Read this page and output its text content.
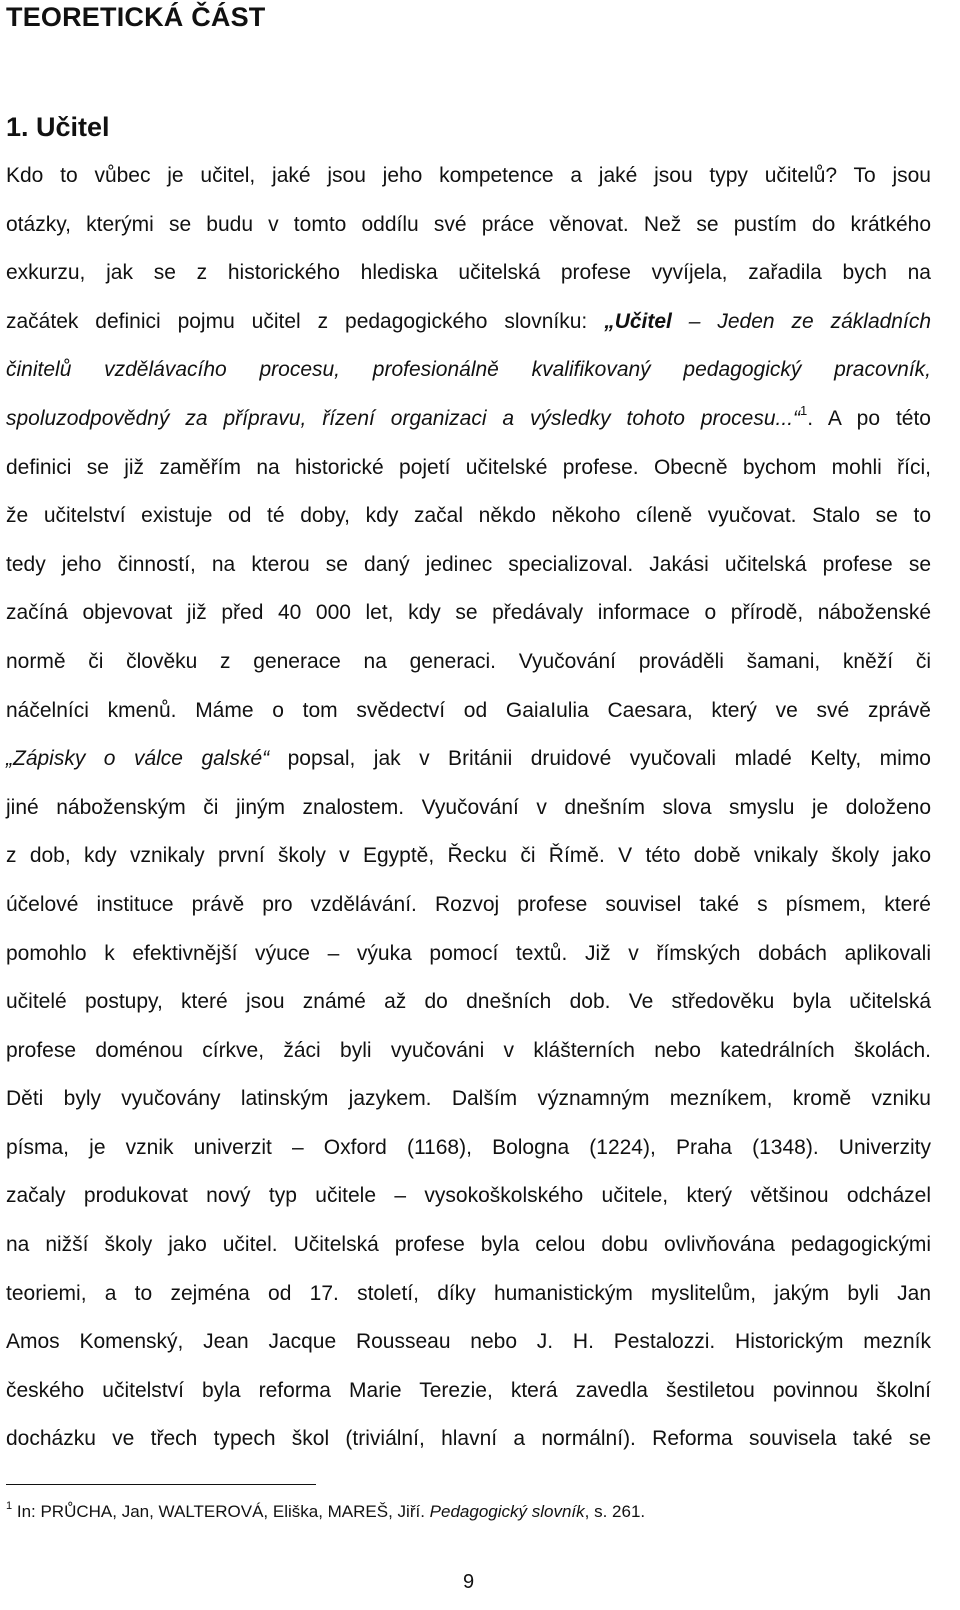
TEORETICKÁ ČÁST
1. Učitel
Kdo to vůbec je učitel, jaké jsou jeho kompetence a jaké jsou typy učitelů? To jsou
otázky, kterými se budu v tomto oddílu své práce věnovat. Než se pustím do krátkého
exkurzu, jak se z historického hlediska učitelská profese vyvíjela, zařadila bych na
začátek definici pojmu učitel z pedagogického slovníku: „Učitel – Jeden ze základních
činitelů vzdělávacího procesu, profesionálně kvalifikovaný pedagogický pracovník,
spoluzodpovědný za přípravu, řízení organizaci a výsledky tohoto procesu...“$^1$. A po této
definici se již zaměřím na historické pojetí učitelské profese. Obecně bychom mohli říci,
že učitelství existuje od té doby, kdy začal někdo někoho cíleně vyučovat. Stalo se to
tedy jeho činností, na kterou se daný jedinec specializoval. Jakási učitelská profese se
začíná objevovat již před 40 000 let, kdy se předávaly informace o přírodě, náboženské
normě či člověku z generace na generaci. Vyučování prováděli šamani, kněží či
náčelníci kmenů. Máme o tom svědectví od GaiaIulia Caesara, který ve své zprávě
„Zápisky o válce galské“ popsal, jak v Británii druidové vyučovali mladé Kelty, mimo
jiné náboženským či jiným znalostem. Vyučování v dnešním slova smyslu je doloženo
z dob, kdy vznikaly první školy v Egyptě, Řecku či Římě. V této době vnikaly školy jako
účelové instituce právě pro vzdělávání. Rozvoj profese souvisel také s písmem, které
pomohlo k efektivnější výuce – výuka pomocí textů. Již v římských dobách aplikovali
učitelé postupy, které jsou známé až do dnešních dob. Ve středověku byla učitelská
profese doménou církve, žáci byli vyučováni v klášterních nebo katedrálních školách.
Děti byly vyučovány latinským jazykem. Dalším významným mezníkem, kromě vzniku
písma, je vznik univerzit – Oxford (1168), Bologna (1224), Praha (1348). Univerzity
začaly produkovat nový typ učitele – vysokoškolského učitele, který většinou odcházel
na nižší školy jako učitel. Učitelská profese byla celou dobu ovlivňována pedagogickými
teoriemi, a to zejména od 17. století, díky humanistickým myslitelům, jakým byli Jan
Amos Komenský, Jean Jacque Rousseau nebo J. H. Pestalozzi. Historickým mezník
českého učitelství byla reforma Marie Terezie, která zavedla šestiletou povinnou školní
docházku ve třech typech škol (triviální, hlavní a normální). Reforma souvisela také se
$^1$ In: PRŮCHA, Jan, WALTEROVÁ, Eliška, MAREŠ, Jiří. Pedagogický slovník, s. 261.
9
